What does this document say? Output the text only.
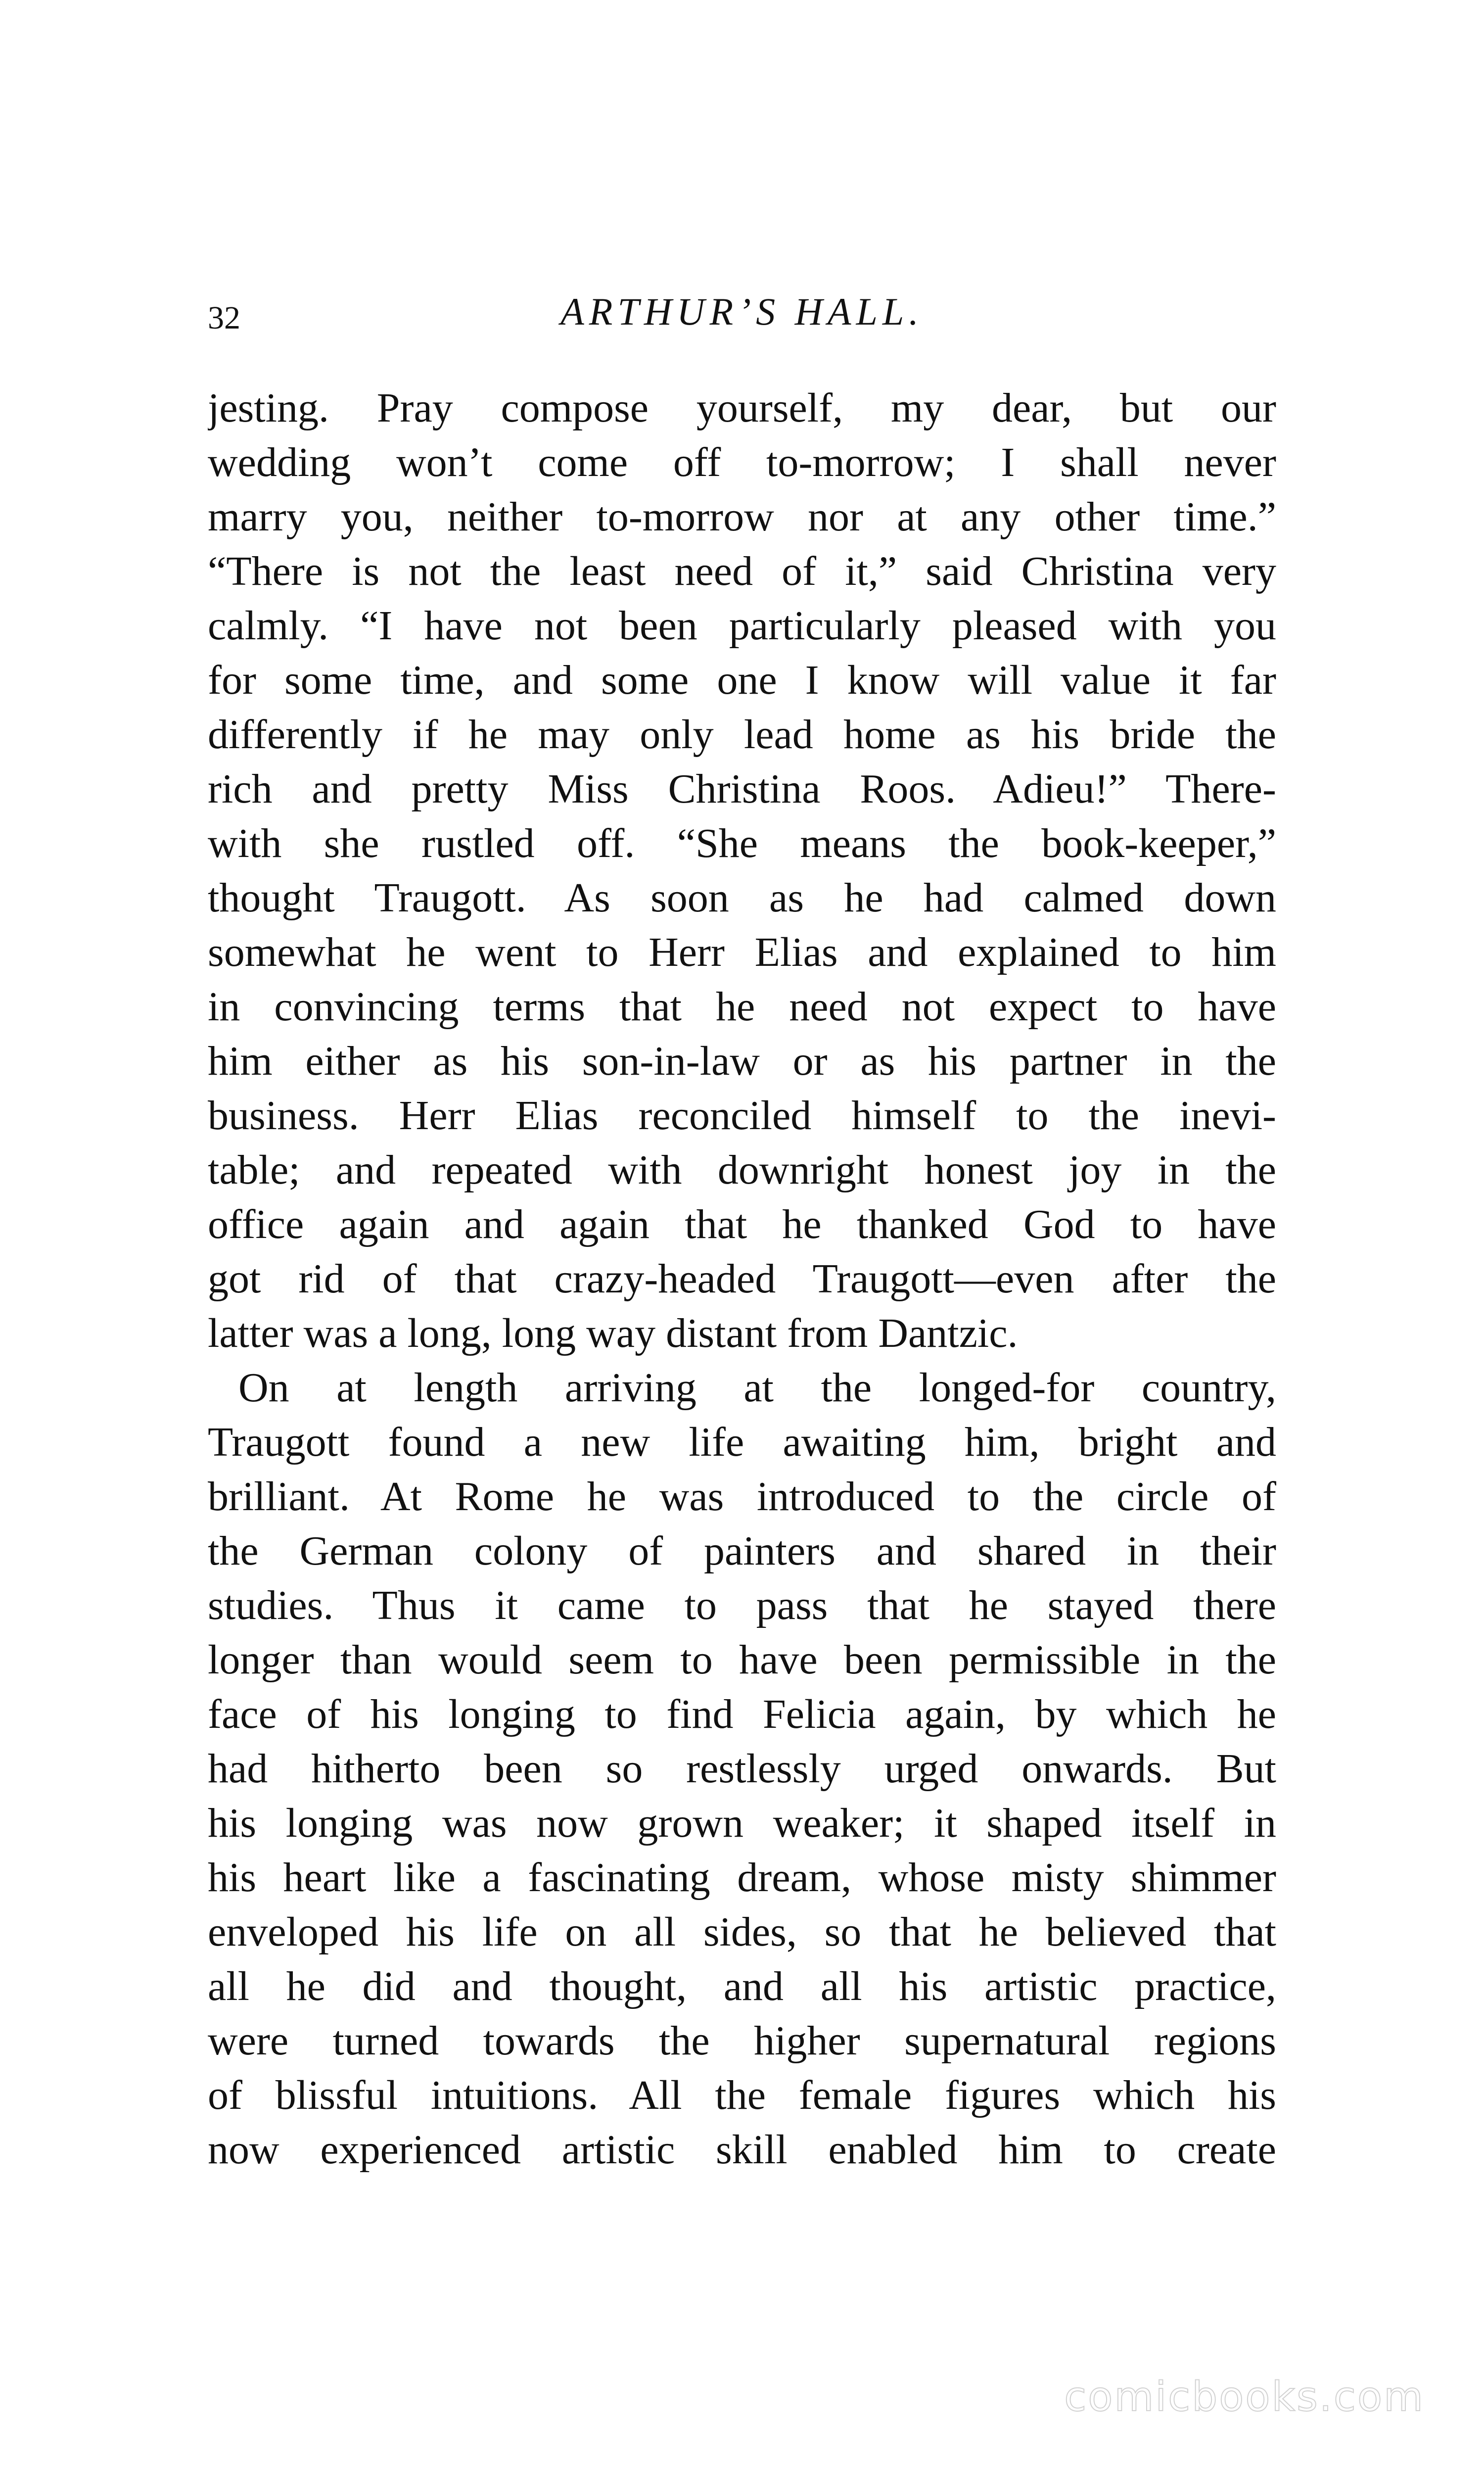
32	ARTHUR’S HALL.
jesting. Pray compose yourself, my dear, but our
wedding won’t come off to-morrow; I shall never
marry you, neither to-morrow nor at any other time.”
“There is not the least need of it,” said Christina very
calmly. “I have not been particularly pleased with you
for some time, and some one I know will value it far
differently if he may only lead home as his bride the
rich and pretty Miss Christina Roos. Adieu!” There-
with she rustled off. “She means the book-keeper,”
thought Traugott. As soon as he had calmed down
somewhat he went to Herr Elias and explained to him
in convincing terms that he need not expect to have
him either as his son-in-law or as his partner in the
business. Herr Elias reconciled himself to the inevi-
table; and repeated with downright honest joy in the
office again and again that he thanked God to have
got rid of that crazy-headed Traugott—even after the
latter was a long, long way distant from Dantzic.
On at length arriving at the longed-for country,
Traugott found a new life awaiting him, bright and
brilliant. At Rome he was introduced to the circle of
the German colony of painters and shared in their
studies. Thus it came to pass that he stayed there
longer than would seem to have been permissible in the
face of his longing to find Felicia again, by which he
had hitherto been so restlessly urged onwards. But
his longing was now grown weaker; it shaped itself in
his heart like a fascinating dream, whose misty shimmer
enveloped his life on all sides, so that he believed that
all he did and thought, and all his artistic practice,
were turned towards the higher supernatural regions
of blissful intuitions. All the female figures which his
now experienced artistic skill enabled him to create
comicbooks.com
